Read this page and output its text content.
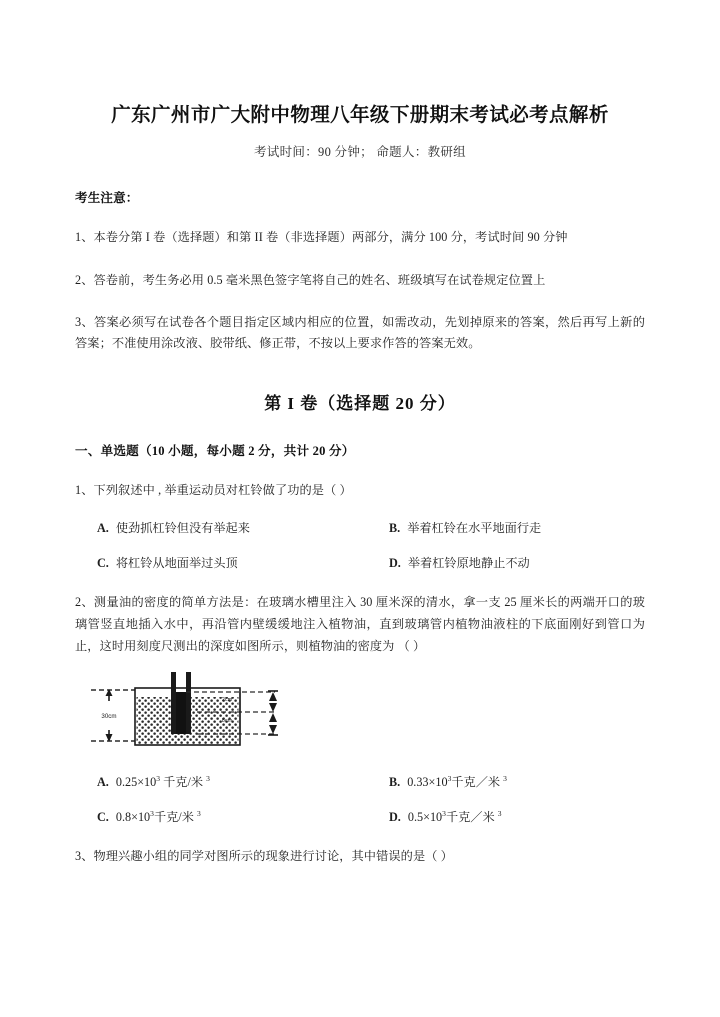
广东广州市广大附中物理八年级下册期末考试必考点解析
考试时间：90 分钟； 命题人：教研组
考生注意：
1、本卷分第 I 卷（选择题）和第 II 卷（非选择题）两部分，满分 100 分，考试时间 90 分钟
2、答卷前，考生务必用 0.5 毫米黑色签字笔将自己的姓名、班级填写在试卷规定位置上
3、答案必须写在试卷各个题目指定区域内相应的位置，如需改动，先划掉原来的答案，然后再写上新的答案；不准使用涂改液、胶带纸、修正带，不按以上要求作答的答案无效。
第 I 卷（选择题 20 分）
一、单选题（10 小题，每小题 2 分，共计 20 分）
1、下列叙述中 , 举重运动员对杠铃做了功的是（ ）
A. 使劲抓杠铃但没有举起来	B. 举着杠铃在水平地面行走
C. 将杠铃从地面举过头顶	D. 举着杠铃原地静止不动
2、测量油的密度的简单方法是：在玻璃水槽里注入 30 厘米深的清水，拿一支 25 厘米长的两端开口的玻璃管竖直地插入水中，再沿管内壁缓缓地注入植物油，直到玻璃管内植物油液柱的下底面刚好到管口为止，这时用刻度尺测出的深度如图所示，则植物油的密度为 （ ）
30cm
2cm
8cm
A. $0.25\times 10^3$ 千克/米 $^3$	B. $0.33\times 10^3$千克／米 $^3$
C. $0.8\times 10^3$千克/米 $^3$	D. $0.5\times 10^3$千克／米 $^3$
3、物理兴趣小组的同学对图所示的现象进行讨论，其中错误的是（ ）
